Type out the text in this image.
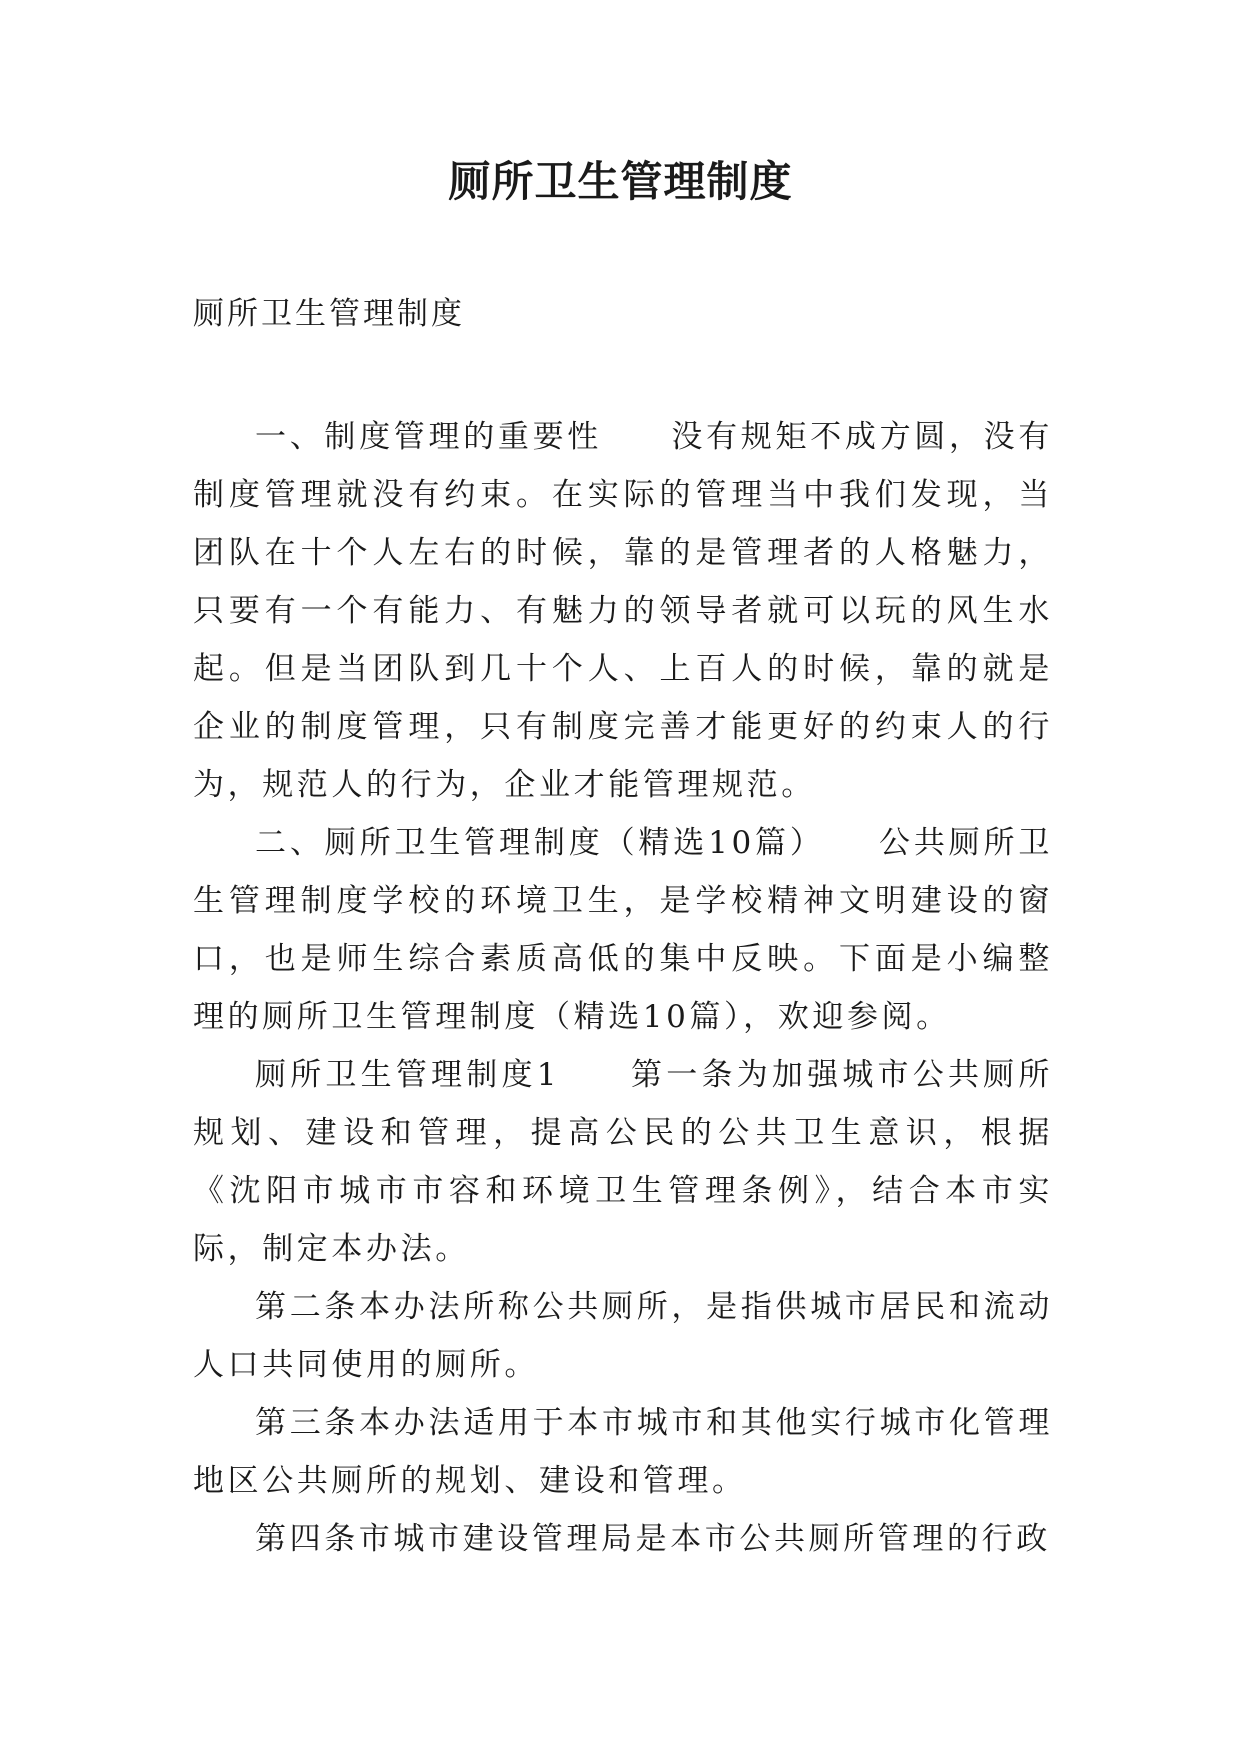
厕所卫生管理制度
厕所卫生管理制度

一、制度管理的重要性　　没有规矩不成方圆，没有制度管理就没有约束。在实际的管理当中我们发现，当团队在十个人左右的时候，靠的是管理者的人格魅力，只要有一个有能力、有魅力的领导者就可以玩的风生水起。但是当团队到几十个人、上百人的时候，靠的就是企业的制度管理，只有制度完善才能更好的约束人的行为，规范人的行为，企业才能管理规范。

二、厕所卫生管理制度（精选10篇）　　公共厕所卫生管理制度学校的环境卫生，是学校精神文明建设的窗口，也是师生综合素质高低的集中反映。下面是小编整理的厕所卫生管理制度（精选10篇），欢迎参阅。

厕所卫生管理制度1　　第一条为加强城市公共厕所规划、建设和管理，提高公民的公共卫生意识，根据《沈阳市城市市容和环境卫生管理条例》，结合本市实际，制定本办法。

第二条本办法所称公共厕所，是指供城市居民和流动人口共同使用的厕所。

第三条本办法适用于本市城市和其他实行城市化管理地区公共厕所的规划、建设和管理。

第四条市城市建设管理局是本市公共厕所管理的行政
